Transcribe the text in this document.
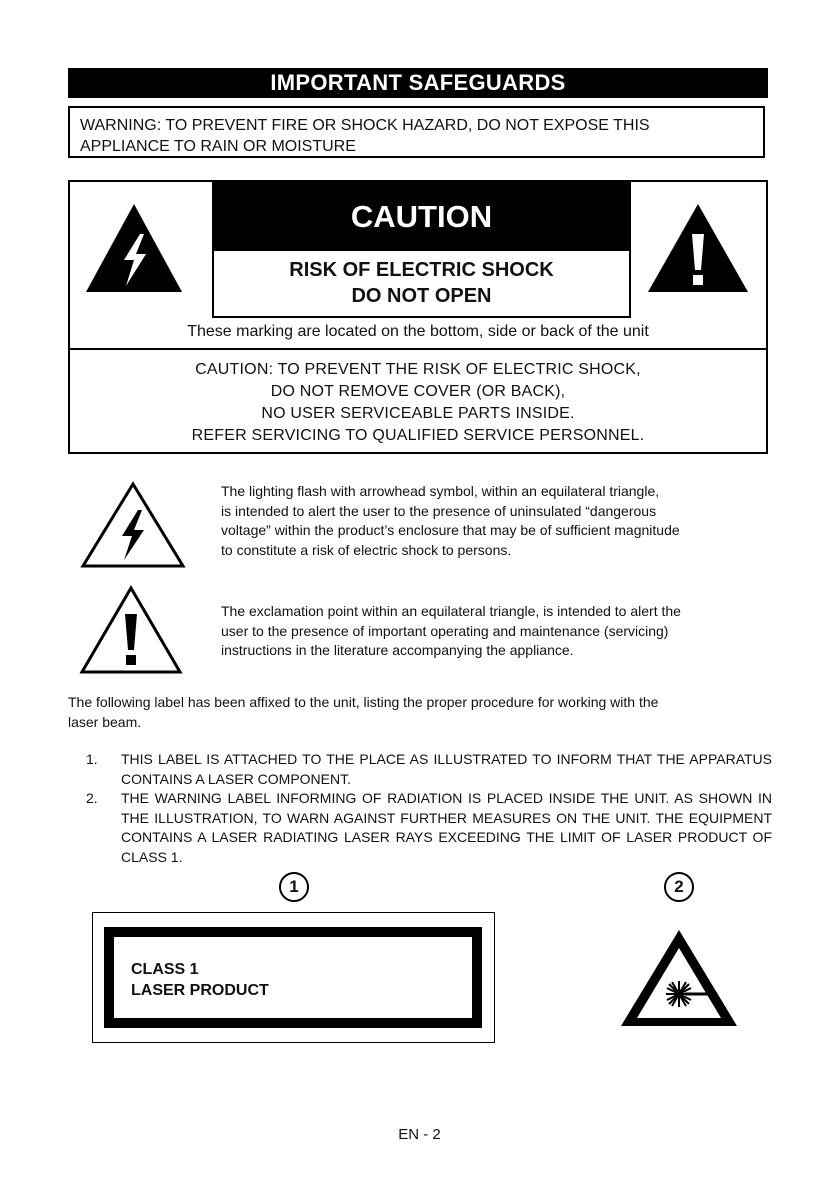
IMPORTANT SAFEGUARDS
WARNING: TO PREVENT FIRE OR SHOCK HAZARD, DO NOT EXPOSE THIS
APPLIANCE TO RAIN OR MOISTURE
CAUTION
RISK OF ELECTRIC SHOCK
DO NOT OPEN
These marking are located on the bottom, side or back of the unit
CAUTION: TO PREVENT THE RISK OF ELECTRIC SHOCK,
DO NOT REMOVE COVER (OR BACK),
NO USER SERVICEABLE PARTS INSIDE.
REFER SERVICING TO QUALIFIED SERVICE PERSONNEL.
The lighting flash with arrowhead symbol, within an equilateral triangle,
is intended to alert the user to the presence of uninsulated “dangerous
voltage” within the product’s enclosure that may be of sufficient magnitude
to constitute a risk of electric shock to persons.
The exclamation point within an equilateral triangle, is intended to alert the
user to the presence of important operating and maintenance (servicing)
instructions in the literature accompanying the appliance.
The following label has been affixed to the unit, listing the proper procedure for working with the
laser beam.
1. THIS LABEL IS ATTACHED TO THE PLACE AS ILLUSTRATED TO INFORM THAT THE APPARATUS CONTAINS A LASER COMPONENT.
2. THE WARNING LABEL INFORMING OF RADIATION IS PLACED INSIDE THE UNIT. AS SHOWN IN THE ILLUSTRATION, TO WARN AGAINST FURTHER MEASURES ON THE UNIT. THE EQUIPMENT CONTAINS A LASER RADIATING LASER RAYS EXCEEDING THE LIMIT OF LASER PRODUCT OF CLASS 1.
1	2
CLASS 1
LASER PRODUCT
EN - 2
